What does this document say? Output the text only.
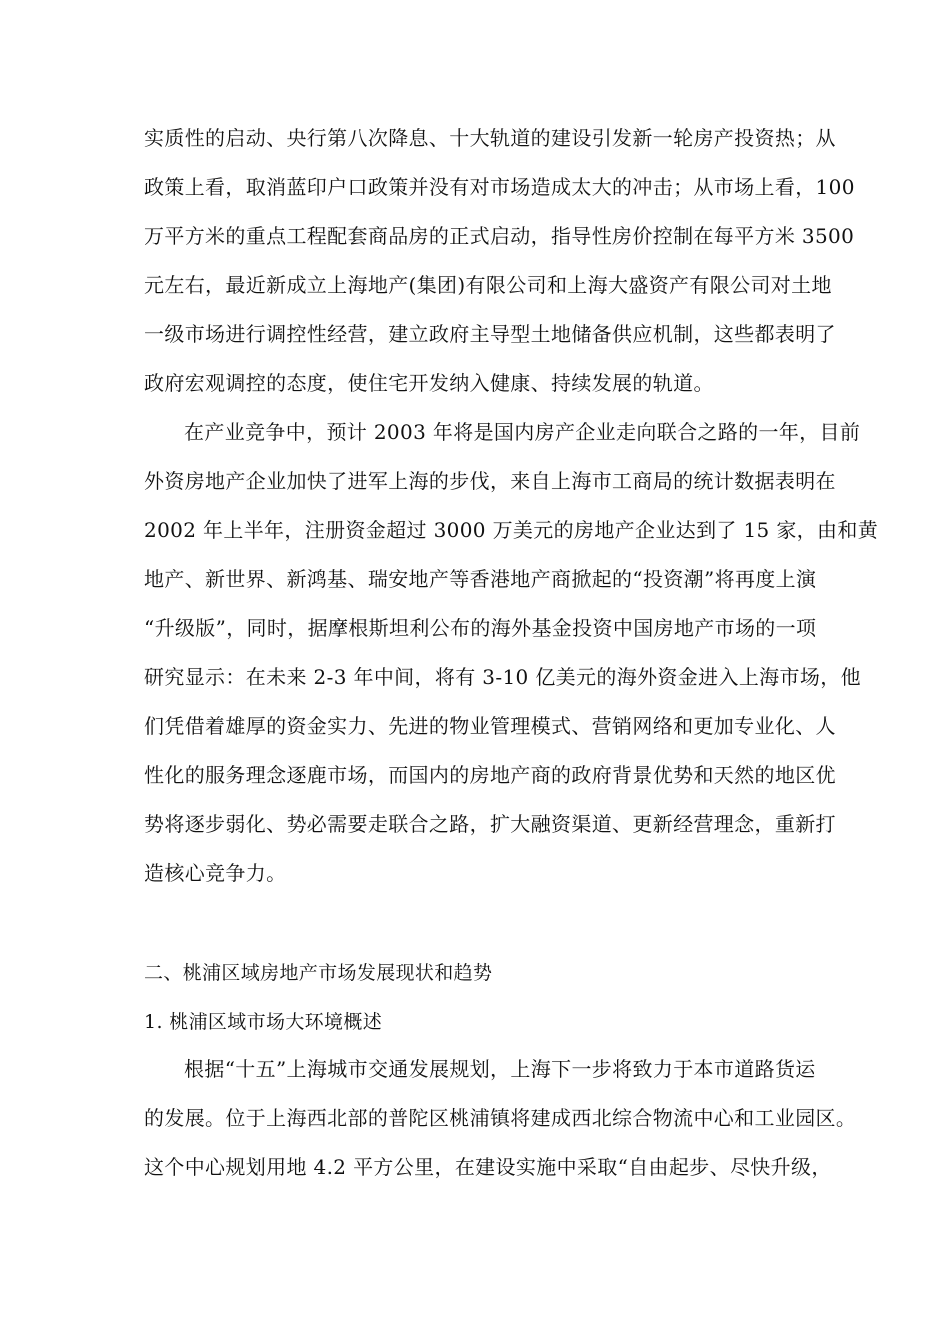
实质性的启动、央行第八次降息、十大轨道的建设引发新一轮房产投资热；从
政策上看，取消蓝印户口政策并没有对市场造成太大的冲击；从市场上看，100
万平方米的重点工程配套商品房的正式启动，指导性房价控制在每平方米 3500
元左右，最近新成立上海地产(集团)有限公司和上海大盛资产有限公司对土地
一级市场进行调控性经营，建立政府主导型土地储备供应机制，这些都表明了
政府宏观调控的态度，使住宅开发纳入健康、持续发展的轨道。
在产业竞争中，预计 2003 年将是国内房产企业走向联合之路的一年，目前
外资房地产企业加快了进军上海的步伐，来自上海市工商局的统计数据表明在
2002 年上半年，注册资金超过 3000 万美元的房地产企业达到了 15 家，由和黄
地产、新世界、新鸿基、瑞安地产等香港地产商掀起的“投资潮”将再度上演
“升级版”，同时，据摩根斯坦利公布的海外基金投资中国房地产市场的一项
研究显示：在未来 2-3 年中间，将有 3-10 亿美元的海外资金进入上海市场，他
们凭借着雄厚的资金实力、先进的物业管理模式、营销网络和更加专业化、人
性化的服务理念逐鹿市场，而国内的房地产商的政府背景优势和天然的地区优
势将逐步弱化、势必需要走联合之路，扩大融资渠道、更新经营理念，重新打
造核心竞争力。
二、桃浦区域房地产市场发展现状和趋势
1. 桃浦区域市场大环境概述
根据“十五”上海城市交通发展规划，上海下一步将致力于本市道路货运
的发展。位于上海西北部的普陀区桃浦镇将建成西北综合物流中心和工业园区。
这个中心规划用地 4.2 平方公里，在建设实施中采取“自由起步、尽快升级，
